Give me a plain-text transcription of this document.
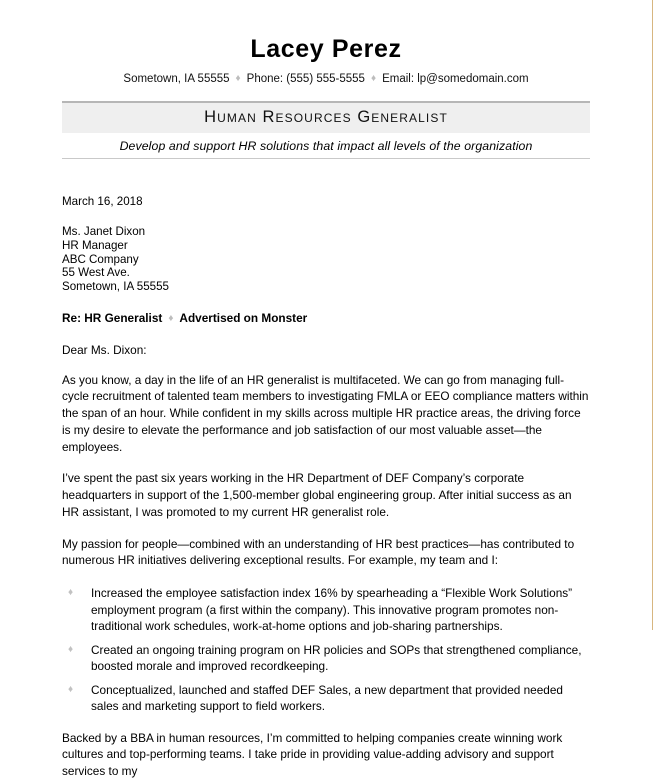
Lacey Perez
Sometown, IA 55555 ♦ Phone: (555) 555-5555 ♦ Email: lp@somedomain.com
Human Resources Generalist
Develop and support HR solutions that impact all levels of the organization
March 16, 2018
Ms. Janet Dixon
HR Manager
ABC Company
55 West Ave.
Sometown, IA 55555
Re: HR Generalist ♦ Advertised on Monster
Dear Ms. Dixon:

As you know, a day in the life of an HR generalist is multifaceted. We can go from managing full-cycle recruitment of talented team members to investigating FMLA or EEO compliance matters within the span of an hour. While confident in my skills across multiple HR practice areas, the driving force is my desire to elevate the performance and job satisfaction of our most valuable asset—the employees.

I’ve spent the past six years working in the HR Department of DEF Company’s corporate headquarters in support of the 1,500-member global engineering group. After initial success as an HR assistant, I was promoted to my current HR generalist role.

My passion for people—combined with an understanding of HR best practices—has contributed to numerous HR initiatives delivering exceptional results. For example, my team and I:

♦ Increased the employee satisfaction index 16% by spearheading a “Flexible Work Solutions” employment program (a first within the company). This innovative program promotes non-traditional work schedules, work-at-home options and job-sharing partnerships.
♦ Created an ongoing training program on HR policies and SOPs that strengthened compliance, boosted morale and improved recordkeeping.
♦ Conceptualized, launched and staffed DEF Sales, a new department that provided needed sales and marketing support to field workers.

Backed by a BBA in human resources, I’m committed to helping companies create winning work cultures and top-performing teams. I take pride in providing value-adding advisory and support services to my
